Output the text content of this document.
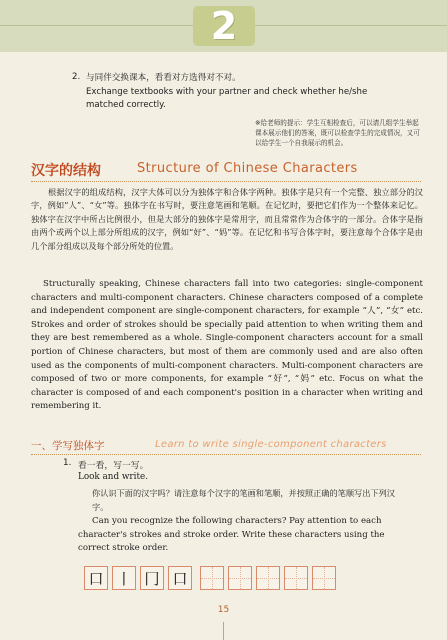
2
2. 与同伴交换课本，看看对方选得对不对。
Exchange textbooks with your partner and check whether he/she matched correctly.
※给老师的提示：学生互相检查后，可以请几组学生举起课本展示他们的答案，既可以检查学生的完成情况，又可以给学生一个自我展示的机会。
汉字的结构	Structure of Chinese Characters
根据汉字的组成结构，汉字大体可以分为独体字和合体字两种。独体字是只有一个完整、独立部分的汉字，例如“人”、“女”等。独体字在书写时，要注意笔画和笔顺。在记忆时，要把它们作为一个整体来记忆。独体字在汉字中所占比例很小，但是大部分的独体字是常用字，而且常常作为合体字的一部分。合体字是指由两个或两个以上部分所组成的汉字，例如“好”、“妈”等。在记忆和书写合体字时，要注意每个合体字是由几个部分组成以及每个部分所处的位置。
Structurally speaking, Chinese characters fall into two categories: single-component characters and multi-component characters. Chinese characters composed of a complete and independent component are single-component characters, for example “人”, “女” etc. Strokes and order of strokes should be specially paid attention to when writing them and they are best remembered as a whole. Single-component characters account for a small portion of Chinese characters, but most of them are commonly used and are also often used as the components of multi-component characters. Multi-component characters are composed of two or more components, for example “好”, “妈” etc. Focus on what the character is composed of and each component's position in a character when writing and remembering it.
一、学写独体字	Learn to write single-component characters
1. 看一看，写一写。
Look and write.
你认识下面的汉字吗？请注意每个汉字的笔画和笔顺，并按照正确的笔顺写出下列汉字。
Can you recognize the following characters? Pay attention to each character's strokes and stroke order. Write these characters using the correct stroke order.
口 丨 冂 口
15
